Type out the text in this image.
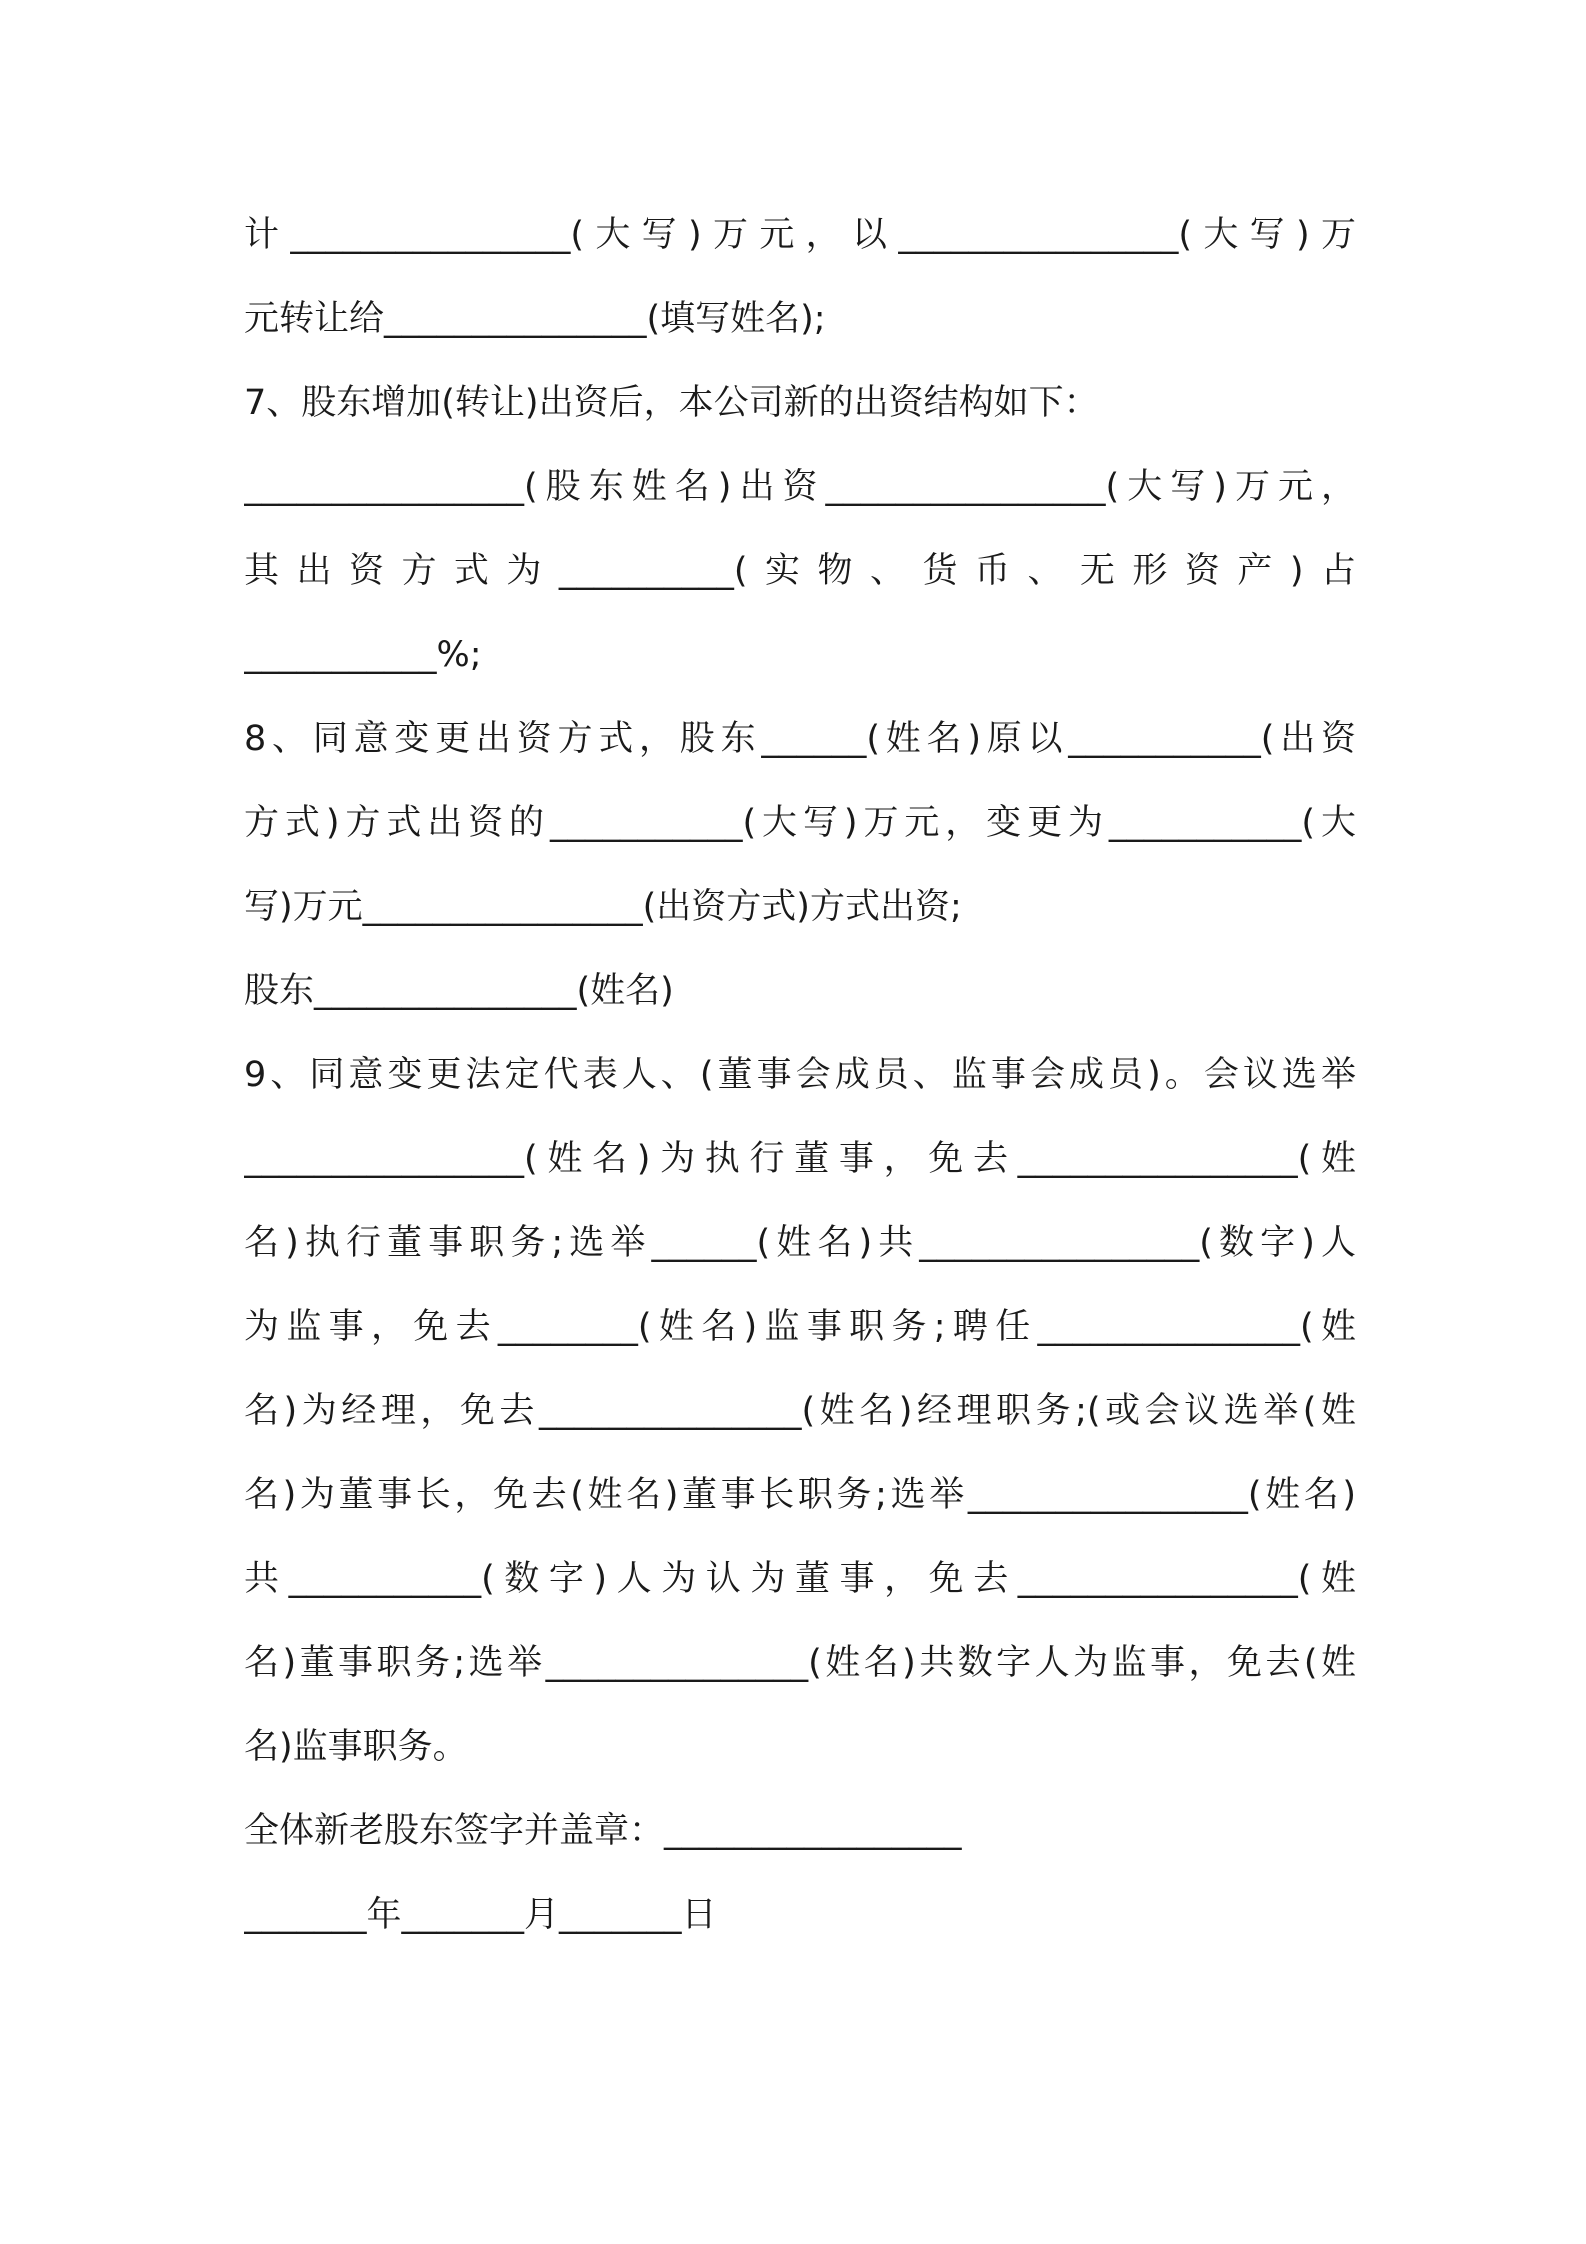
计________________(大写)万元，以________________(大写)万
元转让给_______________(填写姓名);
7、股东增加(转让)出资后，本公司新的出资结构如下：
________________(股东姓名)出资________________(大写)万元，
其出资方式为__________(实物、货币、无形资产)占
___________%;
8、同意变更出资方式，股东______(姓名)原以___________(出资
方式)方式出资的___________(大写)万元，变更为___________(大
写)万元________________(出资方式)方式出资;
股东_______________(姓名)
9、同意变更法定代表人、(董事会成员、监事会成员)。会议选举
________________(姓名)为执行董事，免去________________(姓
名)执行董事职务;选举______(姓名)共________________(数字)人
为监事，免去________(姓名)监事职务;聘任_______________(姓
名)为经理，免去_______________(姓名)经理职务;(或会议选举(姓
名)为董事长，免去(姓名)董事长职务;选举________________(姓名)
共___________(数字)人为认为董事，免去________________(姓
名)董事职务;选举_______________(姓名)共数字人为监事，免去(姓
名)监事职务。
全体新老股东签字并盖章：_________________
_______年_______月_______日
